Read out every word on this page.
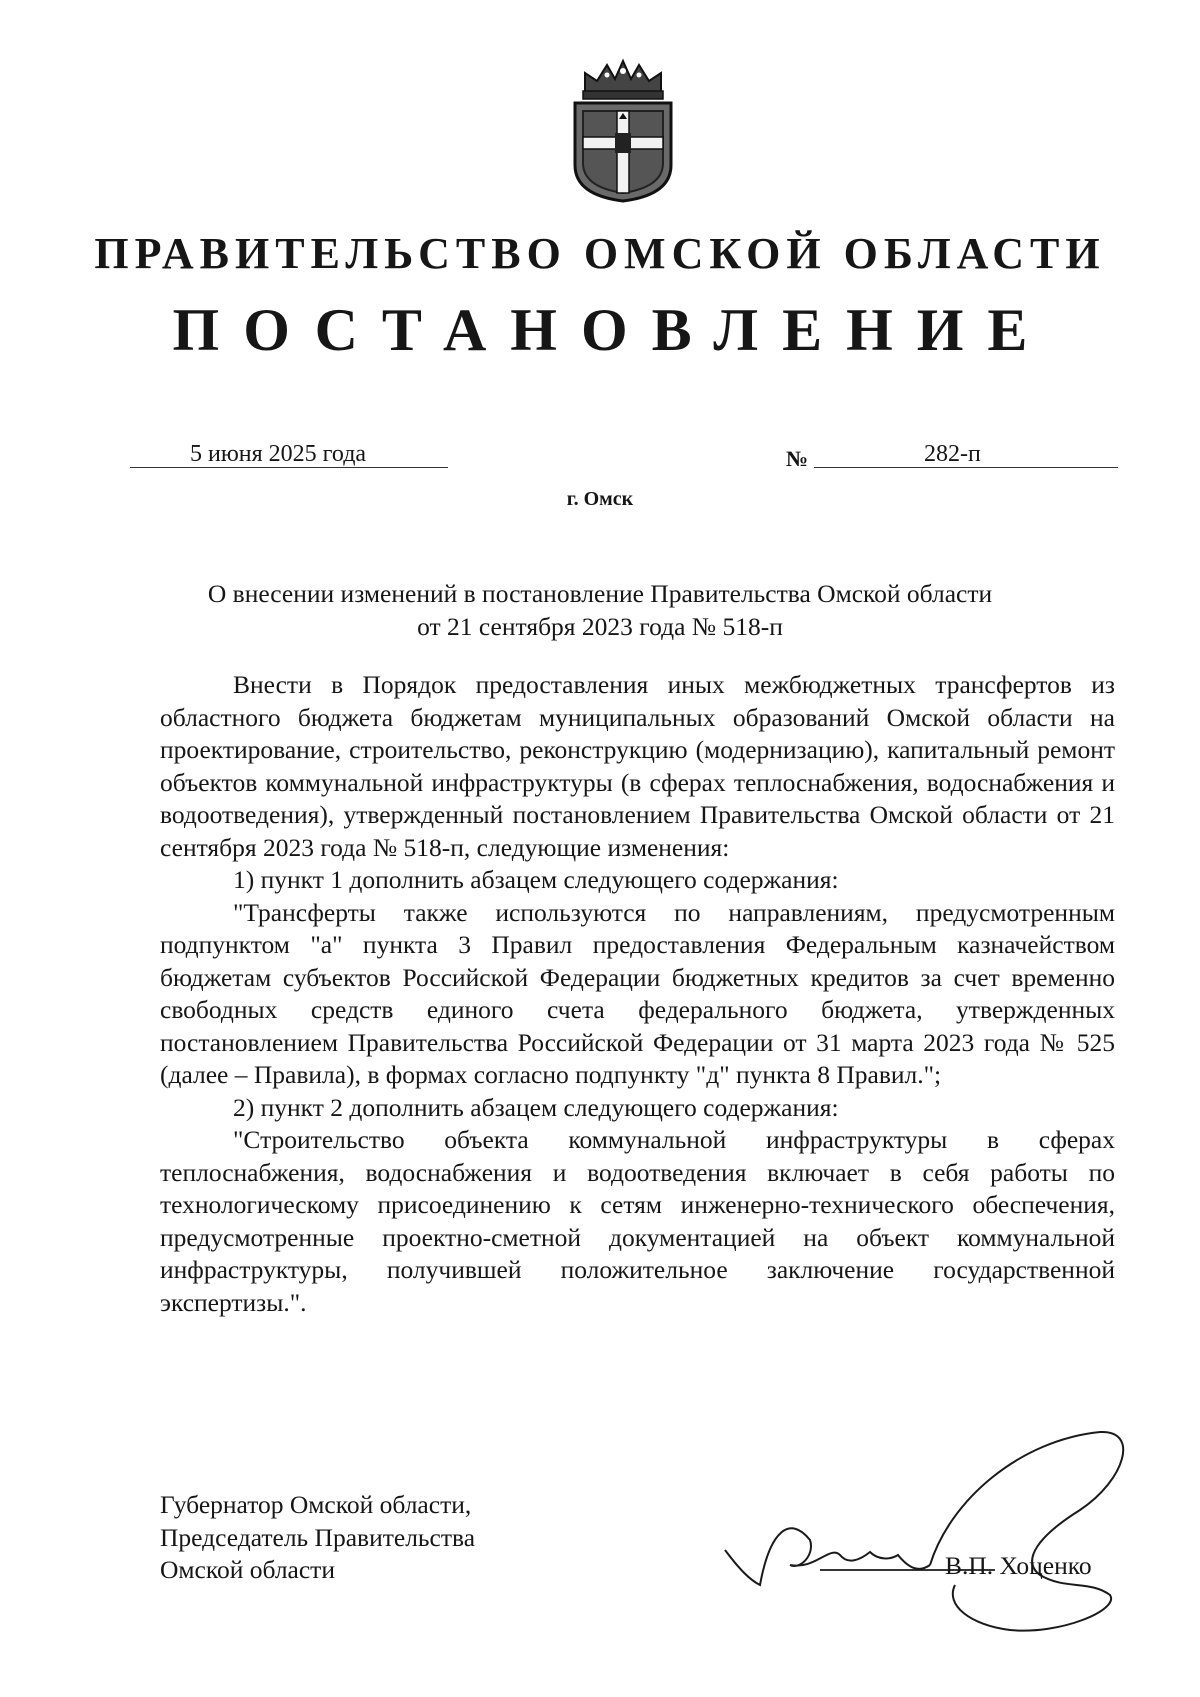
ПРАВИТЕЛЬСТВО ОМСКОЙ ОБЛАСТИ
ПОСТАНОВЛЕНИЕ
5 июня 2025 года	№	282-п
г. Омск
О внесении изменений в постановление Правительства Омской области
от 21 сентября 2023 года № 518-п

Внести в Порядок предоставления иных межбюджетных трансфертов из областного бюджета бюджетам муниципальных образований Омской области на проектирование, строительство, реконструкцию (модернизацию), капитальный ремонт объектов коммунальной инфраструктуры (в сферах теплоснабжения, водоснабжения и водоотведения), утвержденный постановлением Правительства Омской области от 21 сентября 2023 года № 518-п, следующие изменения:

1) пункт 1 дополнить абзацем следующего содержания:

"Трансферты также используются по направлениям, предусмотренным подпунктом "а" пункта 3 Правил предоставления Федеральным казначейством бюджетам субъектов Российской Федерации бюджетных кредитов за счет временно свободных средств единого счета федерального бюджета, утвержденных постановлением Правительства Российской Федерации от 31 марта 2023 года № 525 (далее – Правила), в формах согласно подпункту "д" пункта 8 Правил.";

2) пункт 2 дополнить абзацем следующего содержания:

"Строительство объекта коммунальной инфраструктуры в сферах теплоснабжения, водоснабжения и водоотведения включает в себя работы по технологическому присоединению к сетям инженерно-технического обеспечения, предусмотренные проектно-сметной документацией на объект коммунальной инфраструктуры, получившей положительное заключение государственной экспертизы.".

Губернатор Омской области,
Председатель Правительства
Омской области	В.П. Хоценко
